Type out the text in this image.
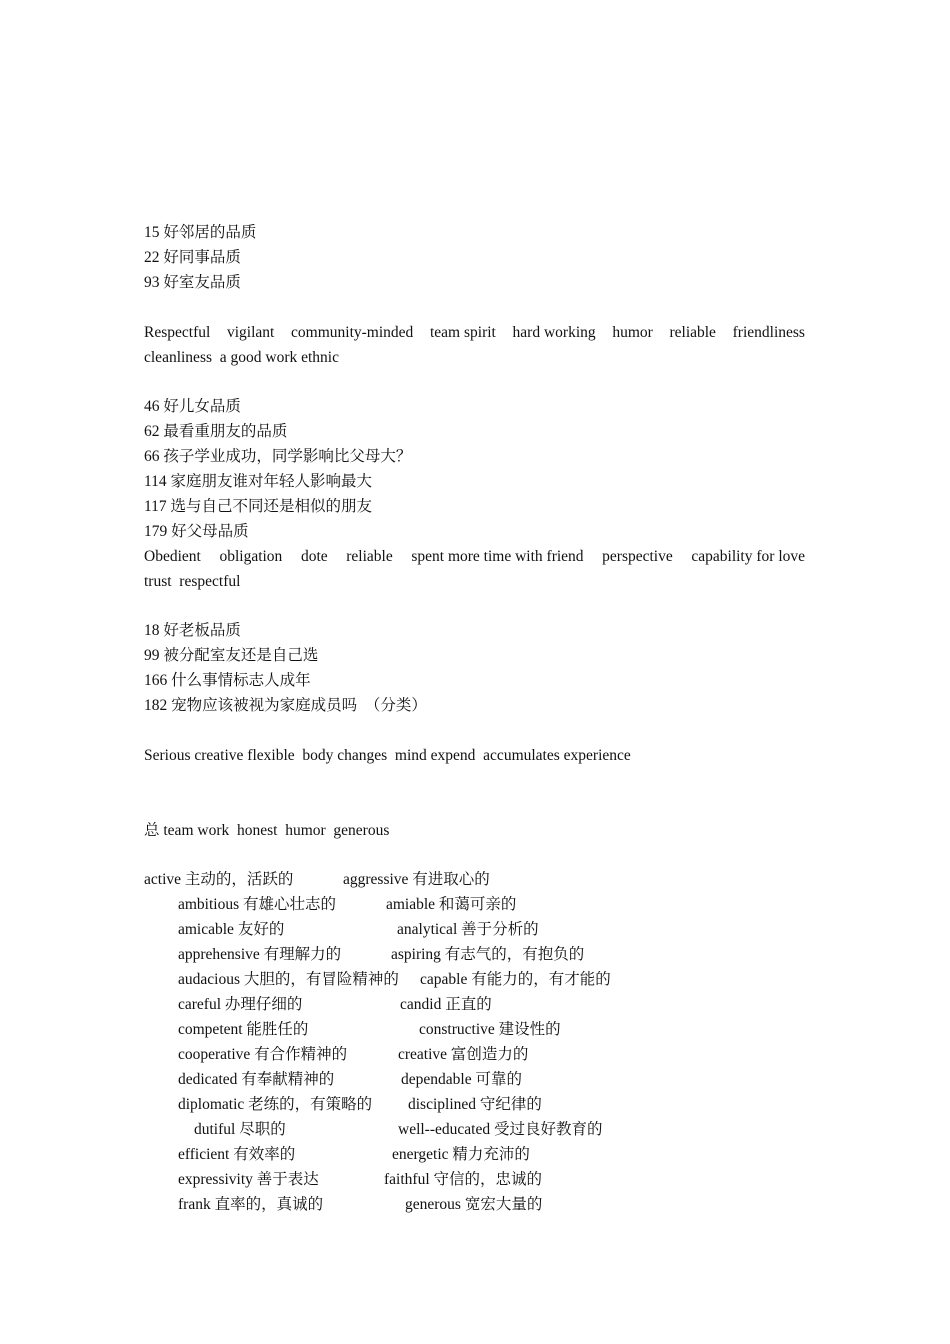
15 好邻居的品质
22 好同事品质
93 好室友品质
Respectful vigilant community-minded team spirit hard working humor reliable friendliness
cleanliness  a good work ethnic
46 好儿女品质
62 最看重朋友的品质
66 孩子学业成功，同学影响比父母大？
114 家庭朋友谁对年轻人影响最大
117 选与自己不同还是相似的朋友
179 好父母品质
Obedient obligation dote reliable spent more time with friend perspective capability for love
trust  respectful
18 好老板品质
99 被分配室友还是自己选
166 什么事情标志人成年
182 宠物应该被视为家庭成员吗  （分类）
Serious creative flexible  body changes  mind expend  accumulates experience
总 team work  honest  humor  generous
active 主动的，活跃的	aggressive 有进取心的
ambitious 有雄心壮志的	amiable 和蔼可亲的
amicable 友好的	analytical 善于分析的
apprehensive 有理解力的	aspiring 有志气的，有抱负的
audacious 大胆的，有冒险精神的 capable 有能力的，有才能的
careful 办理仔细的	candid 正直的
competent 能胜任的	constructive 建设性的
cooperative 有合作精神的	creative 富创造力的
dedicated 有奉献精神的	dependable 可靠的
diplomatic 老练的，有策略的 disciplined 守纪律的
dutiful 尽职的	well--educated 受过良好教育的
efficient 有效率的	energetic 精力充沛的
expressivity 善于表达	faithful 守信的，忠诚的
frank 直率的，真诚的	generous 宽宏大量的
